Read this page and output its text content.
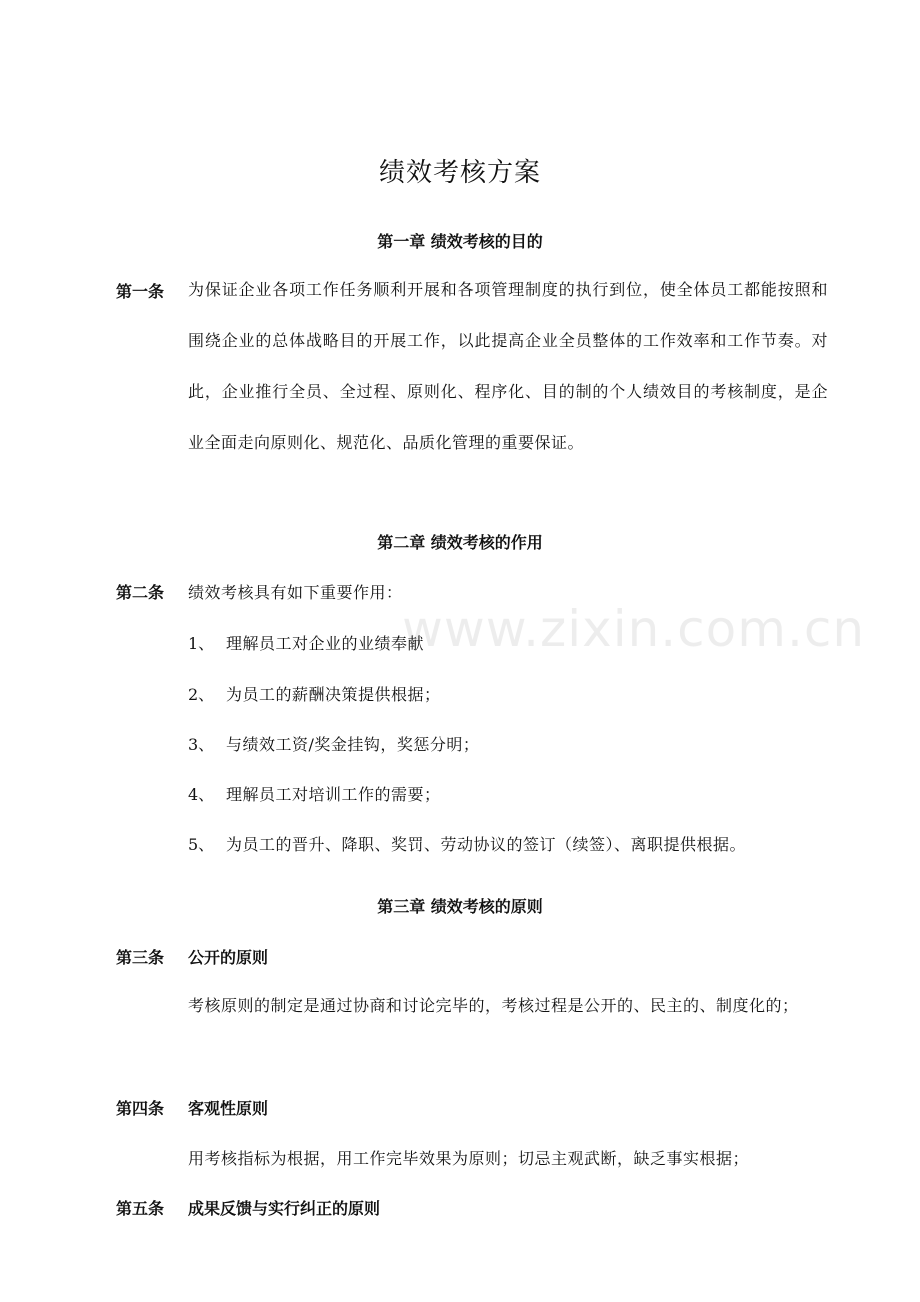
www.zixin.com.cn
绩效考核方案
第一章 绩效考核的目的
第一条 为保证企业各项工作任务顺利开展和各项管理制度的执行到位，使全体员工都能按照和围绕企业的总体战略目的开展工作，以此提高企业全员整体的工作效率和工作节奏。对此，企业推行全员、全过程、原则化、程序化、目的制的个人绩效目的考核制度，是企业全面走向原则化、规范化、品质化管理的重要保证。
第二章 绩效考核的作用
第二条 绩效考核具有如下重要作用：
1、 理解员工对企业的业绩奉献
2、 为员工的薪酬决策提供根据；
3、 与绩效工资/奖金挂钩，奖惩分明；
4、 理解员工对培训工作的需要；
5、 为员工的晋升、降职、奖罚、劳动协议的签订（续签）、离职提供根据。
第三章 绩效考核的原则
第三条 公开的原则
考核原则的制定是通过协商和讨论完毕的，考核过程是公开的、民主的、制度化的；
第四条 客观性原则
用考核指标为根据，用工作完毕效果为原则；切忌主观武断，缺乏事实根据；
第五条 成果反馈与实行纠正的原则
